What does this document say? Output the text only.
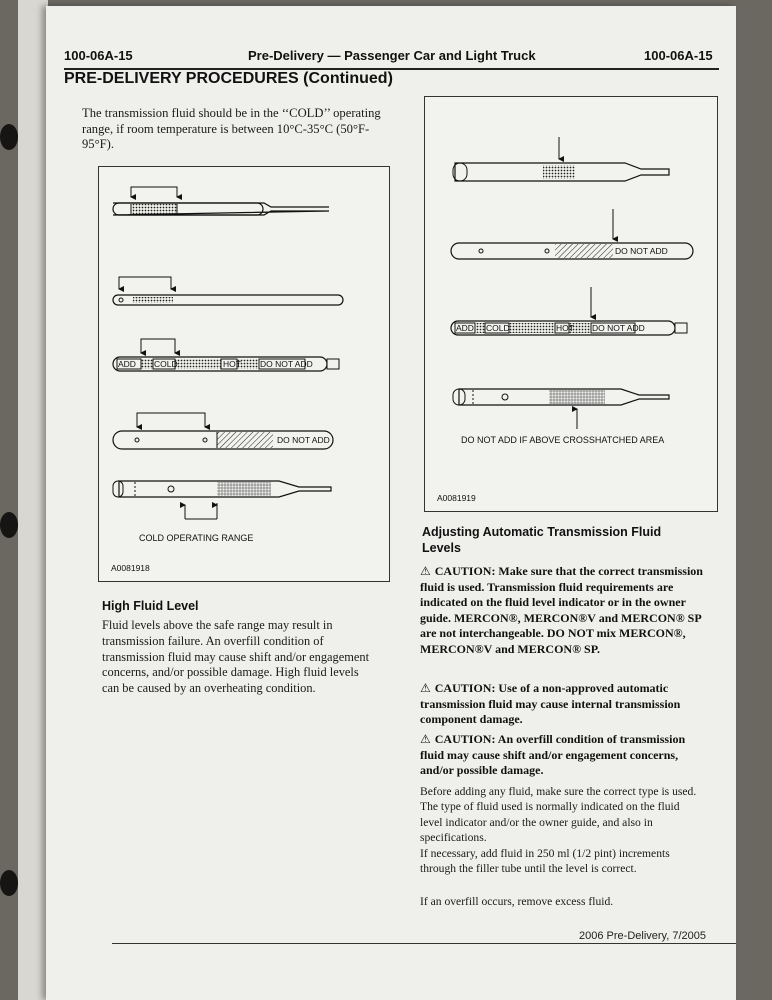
100-06A-15	Pre-Delivery — Passenger Car and Light Truck	100-06A-15
PRE-DELIVERY PROCEDURES (Continued)
The transmission fluid should be in the ‘‘COLD’’ operating range, if room temperature is between 10°C-35°C (50°F-95°F).
ADD COLD	HOT DO NOT ADD
DO NOT ADD
COLD OPERATING RANGE
A0081918
DO NOT ADD
ADD COLD	HOT DO NOT ADD
DO NOT ADD IF ABOVE CROSSHATCHED AREA
A0081919
High Fluid Level
Fluid levels above the safe range may result in transmission failure. An overfill condition of transmission fluid may cause shift and/or engagement concerns, and/or possible damage. High fluid levels can be caused by an overheating condition.
Adjusting Automatic Transmission Fluid Levels
⚠ CAUTION: Make sure that the correct transmission fluid is used. Transmission fluid requirements are indicated on the fluid level indicator or in the owner guide. MERCON®, MERCON®V and MERCON® SP are not interchangeable. DO NOT mix MERCON®, MERCON®V and MERCON® SP.
⚠ CAUTION: Use of a non-approved automatic transmission fluid may cause internal transmission component damage.
⚠ CAUTION: An overfill condition of transmission fluid may cause shift and/or engagement concerns, and/or possible damage.
Before adding any fluid, make sure the correct type is used. The type of fluid used is normally indicated on the fluid level indicator and/or the owner guide, and also in specifications.
If necessary, add fluid in 250 ml (1/2 pint) increments through the filler tube until the level is correct.
If an overfill occurs, remove excess fluid.
2006 Pre-Delivery, 7/2005
